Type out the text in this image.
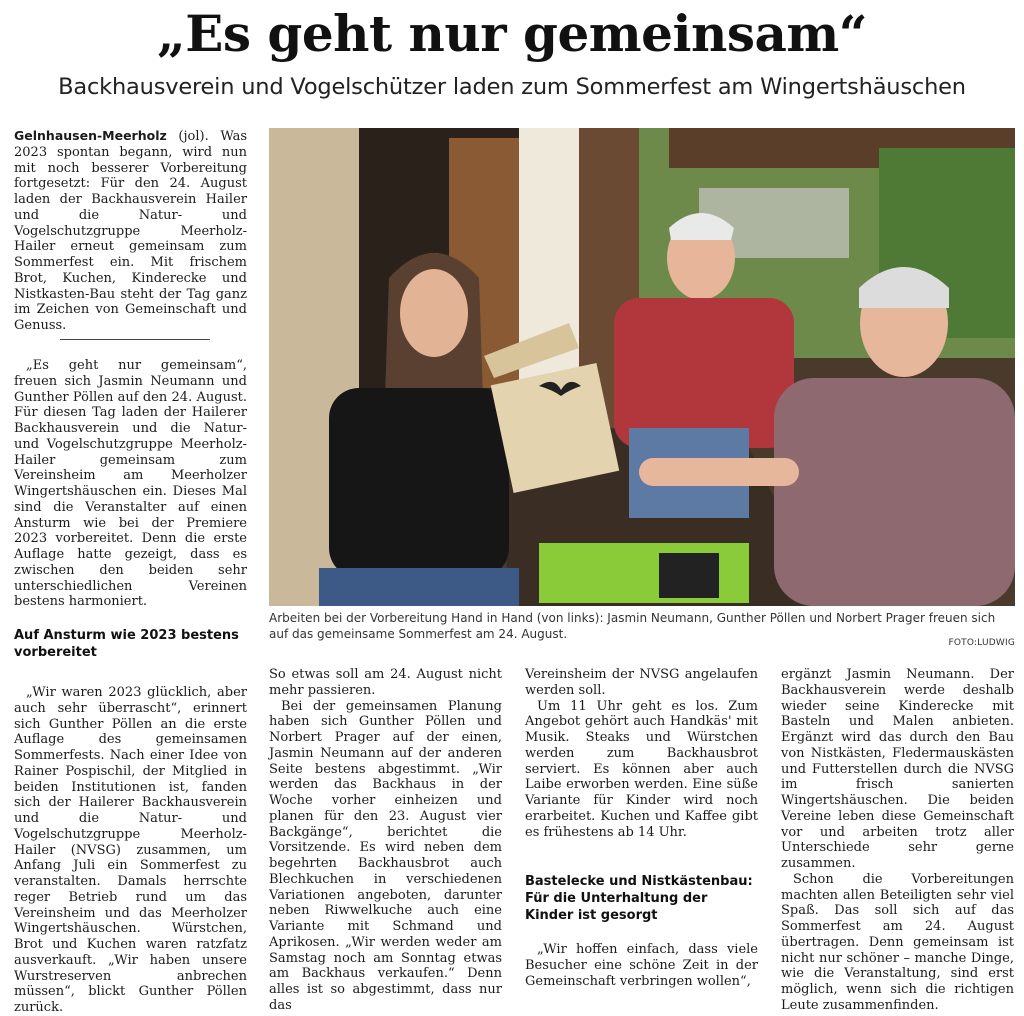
„Es geht nur gemeinsam“
Backhausverein und Vogelschützer laden zum Sommerfest am Wingertshäuschen

Gelnhausen-Meerholz (jol). Was 2023 spontan begann, wird nun mit noch besserer Vorbereitung fortgesetzt: Für den 24. August laden der Backhausverein Hailer und die Natur- und Vogelschutzgruppe Meerholz-Hailer erneut gemeinsam zum Sommerfest ein. Mit frischem Brot, Kuchen, Kinderecke und Nistkasten-Bau steht der Tag ganz im Zeichen von Gemeinschaft und Genuss.

„Es geht nur gemeinsam“, freuen sich Jasmin Neumann und Gunther Pöllen auf den 24. August. Für diesen Tag laden der Hailerer Backhausverein und die Natur- und Vogelschutzgruppe Meerholz-Hailer gemeinsam zum Vereinsheim am Meerholzer Wingertshäuschen ein. Dieses Mal sind die Veranstalter auf einen Ansturm wie bei der Premiere 2023 vorbereitet. Denn die erste Auflage hatte gezeigt, dass es zwischen den beiden sehr unterschiedlichen Vereinen bestens harmoniert.

Auf Ansturm wie 2023 bestens vorbereitet

„Wir waren 2023 glücklich, aber auch sehr überrascht“, erinnert sich Gunther Pöllen an die erste Auflage des gemeinsamen Sommerfests. Nach einer Idee von Rainer Pospischil, der Mitglied in beiden Institutionen ist, fanden sich der Hailerer Backhausverein und die Natur- und Vogelschutzgruppe Meerholz-Hailer (NVSG) zusammen, um Anfang Juli ein Sommerfest zu veranstalten. Damals herrschte reger Betrieb rund um das Vereinsheim und das Meerholzer Wingertshäuschen. Würstchen, Brot und Kuchen waren ratzfatz ausverkauft. „Wir haben unsere Wurstreserven anbrechen müssen“, blickt Gunther Pöllen zurück.

Arbeiten bei der Vorbereitung Hand in Hand (von links): Jasmin Neumann, Gunther Pöllen und Norbert Prager freuen sich auf das gemeinsame Sommerfest am 24. August.
FOTO:LUDWIG

So etwas soll am 24. August nicht mehr passieren.

Bei der gemeinsamen Planung haben sich Gunther Pöllen und Norbert Prager auf der einen, Jasmin Neumann auf der anderen Seite bestens abgestimmt. „Wir werden das Backhaus in der Woche vorher einheizen und planen für den 23. August vier Backgänge“, berichtet die Vorsitzende. Es wird neben dem begehrten Backhausbrot auch Blechkuchen in verschiedenen Variationen angeboten, darunter neben Riwwelkuche auch eine Variante mit Schmand und Aprikosen. „Wir werden weder am Samstag noch am Sonntag etwas am Backhaus verkaufen.“ Denn alles ist so abgestimmt, dass nur das

Vereinsheim der NVSG angelaufen werden soll.

Um 11 Uhr geht es los. Zum Angebot gehört auch Handkäs' mit Musik. Steaks und Würstchen werden zum Backhausbrot serviert. Es können aber auch Laibe erworben werden. Eine süße Variante für Kinder wird noch erarbeitet. Kuchen und Kaffee gibt es frühestens ab 14 Uhr.

Bastelecke und Nistkästenbau: Für die Unterhaltung der Kinder ist gesorgt

„Wir hoffen einfach, dass viele Besucher eine schöne Zeit in der Gemeinschaft verbringen wollen“,

ergänzt Jasmin Neumann. Der Backhausverein werde deshalb wieder seine Kinderecke mit Basteln und Malen anbieten. Ergänzt wird das durch den Bau von Nistkästen, Fledermauskästen und Futterstellen durch die NVSG im frisch sanierten Wingertshäuschen. Die beiden Vereine leben diese Gemeinschaft vor und arbeiten trotz aller Unterschiede sehr gerne zusammen.

Schon die Vorbereitungen machten allen Beteiligten sehr viel Spaß. Das soll sich auf das Sommerfest am 24. August übertragen. Denn gemeinsam ist nicht nur schöner – manche Dinge, wie die Veranstaltung, sind erst möglich, wenn sich die richtigen Leute zusammenfinden.
